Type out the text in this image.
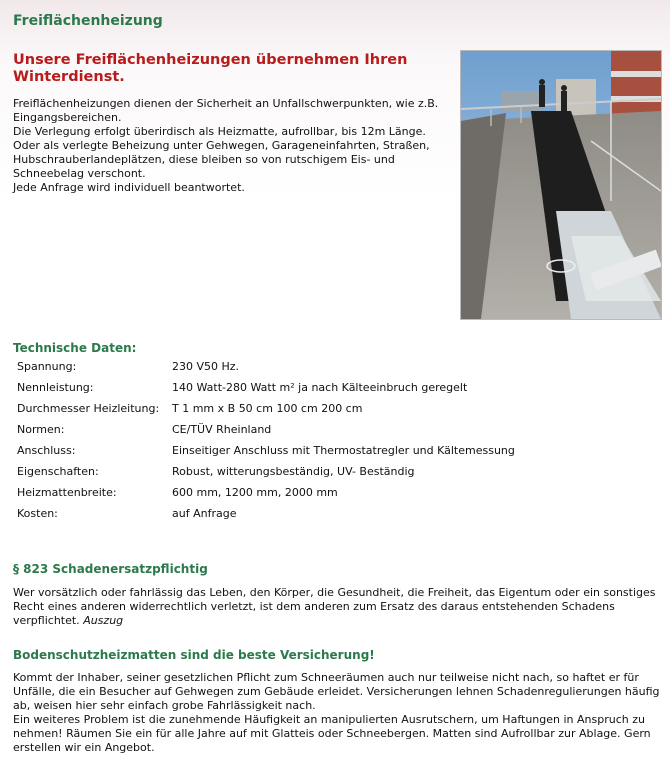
Freiflächenheizung
Unsere Freiflächenheizungen übernehmen Ihren Winterdienst.
Freiflächenheizungen dienen der Sicherheit an Unfallschwerpunkten, wie z.B. Eingangsbereichen.
Die Verlegung erfolgt überirdisch als Heizmatte, aufrollbar, bis 12m Länge.
Oder als verlegte Beheizung unter Gehwegen, Garageneinfahrten, Straßen, Hubschrauberlandeplätzen, diese bleiben so von rutschigem Eis- und Schneebelag verschont.
Jede Anfrage wird individuell beantwortet.
Technische Daten:
Spannung:	230 V50 Hz.
Nennleistung:	140 Watt-280 Watt m² ja nach Kälteeinbruch geregelt
Durchmesser Heizleitung:	T 1 mm x B 50 cm 100 cm 200 cm
Normen:	CE/TÜV Rheinland
Anschluss:	Einseitiger Anschluss mit Thermostatregler und Kältemessung
Eigenschaften:	Robust, witterungsbeständig, UV- Beständig
Heizmattenbreite:	600 mm, 1200 mm, 2000 mm
Kosten:	auf Anfrage
§ 823 Schadenersatzpflichtig

Wer vorsätzlich oder fahrlässig das Leben, den Körper, die Gesundheit, die Freiheit, das Eigentum oder ein sonstiges Recht eines anderen widerrechtlich verletzt, ist dem anderen zum Ersatz des daraus entstehenden Schadens verpflichtet. Auszug

Bodenschutzheizmatten sind die beste Versicherung!
Kommt der Inhaber, seiner gesetzlichen Pflicht zum Schneeräumen auch nur teilweise nicht nach, so haftet er für Unfälle, die ein Besucher auf Gehwegen zum Gebäude erleidet. Versicherungen lehnen Schadenregulierungen häufig ab, weisen hier sehr einfach grobe Fahrlässigkeit nach.
Ein weiteres Problem ist die zunehmende Häufigkeit an manipulierten Ausrutschern, um Haftungen in Anspruch zu nehmen! Räumen Sie ein für alle Jahre auf mit Glatteis oder Schneebergen. Matten sind Aufrollbar zur Ablage. Gern erstellen wir ein Angebot.
